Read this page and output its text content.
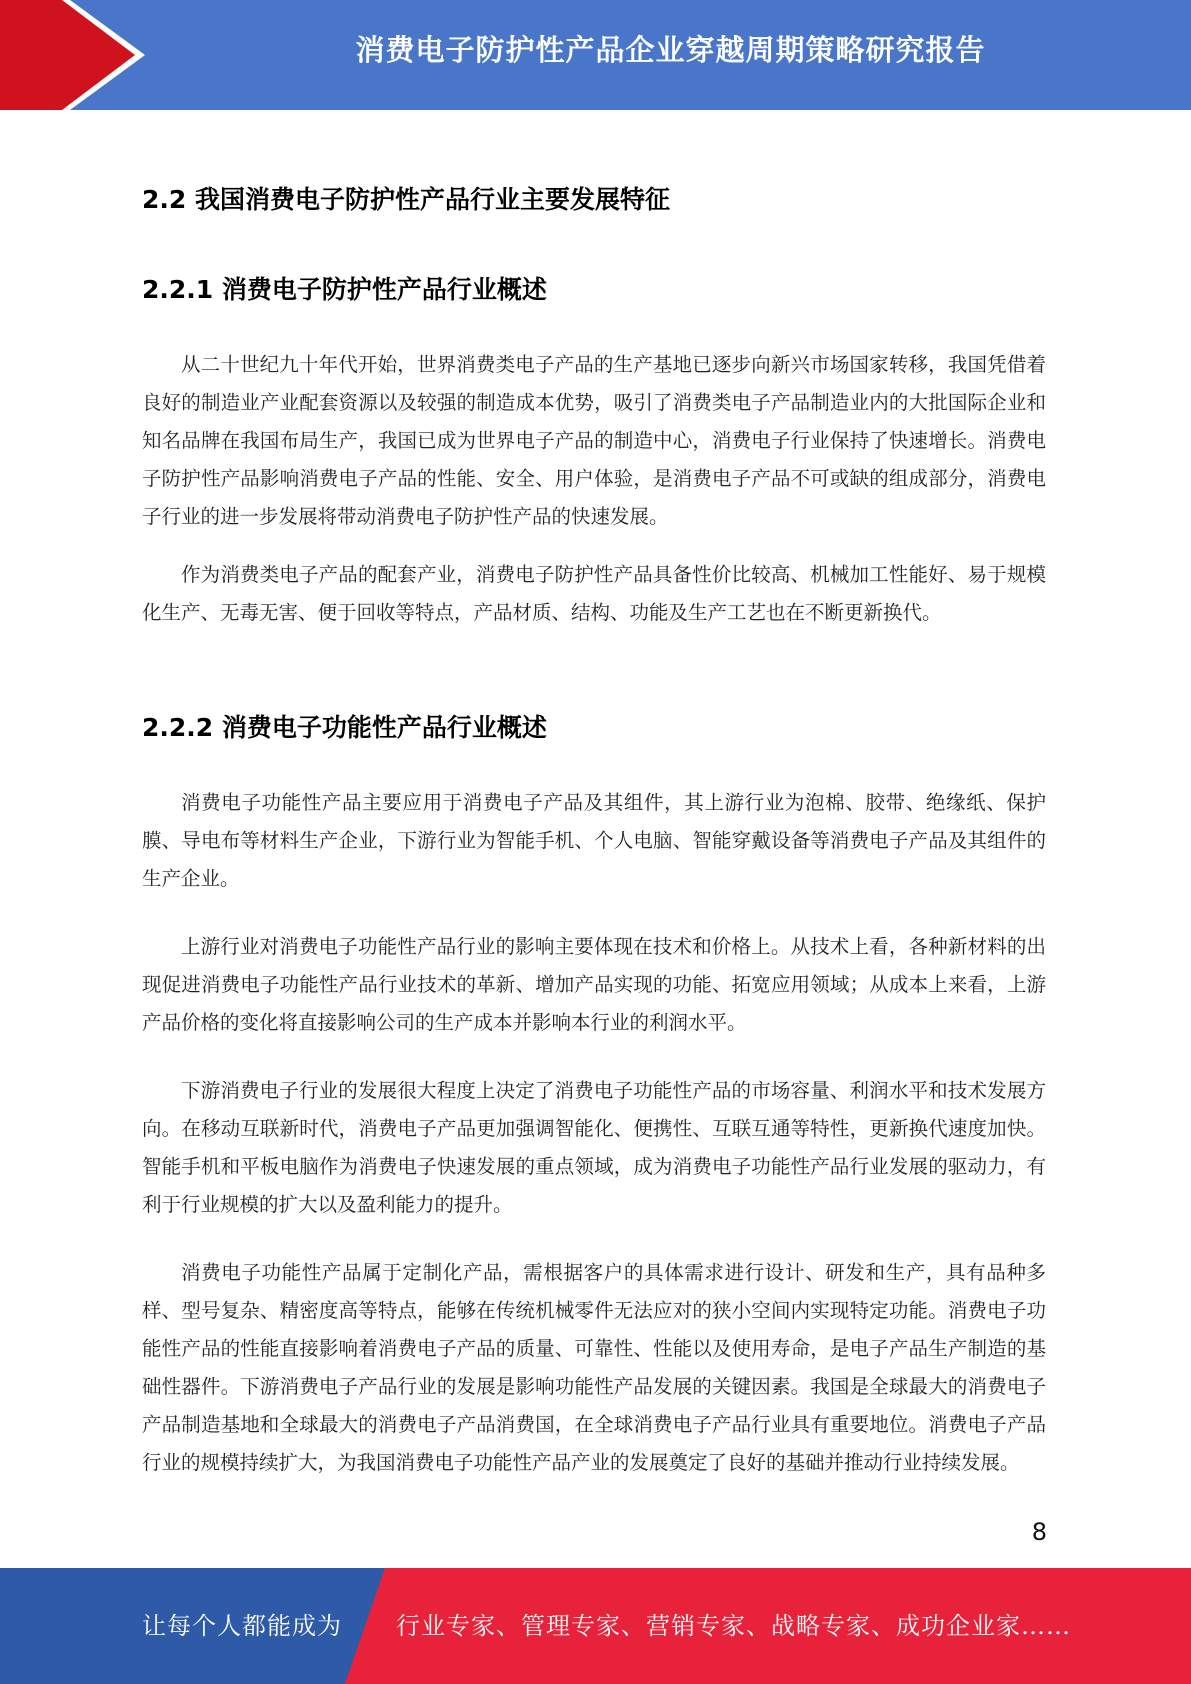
消费电子防护性产品企业穿越周期策略研究报告
2.2 我国消费电子防护性产品行业主要发展特征
2.2.1 消费电子防护性产品行业概述

从二十世纪九十年代开始，世界消费类电子产品的生产基地已逐步向新兴市场国家转移，我国凭借着良好的制造业产业配套资源以及较强的制造成本优势，吸引了消费类电子产品制造业内的大批国际企业和知名品牌在我国布局生产，我国已成为世界电子产品的制造中心，消费电子行业保持了快速增长。消费电子防护性产品影响消费电子产品的性能、安全、用户体验，是消费电子产品不可或缺的组成部分，消费电子行业的进一步发展将带动消费电子防护性产品的快速发展。

作为消费类电子产品的配套产业，消费电子防护性产品具备性价比较高、机械加工性能好、易于规模化生产、无毒无害、便于回收等特点，产品材质、结构、功能及生产工艺也在不断更新换代。

2.2.2 消费电子功能性产品行业概述

消费电子功能性产品主要应用于消费电子产品及其组件，其上游行业为泡棉、胶带、绝缘纸、保护膜、导电布等材料生产企业，下游行业为智能手机、个人电脑、智能穿戴设备等消费电子产品及其组件的生产企业。

上游行业对消费电子功能性产品行业的影响主要体现在技术和价格上。从技术上看，各种新材料的出现促进消费电子功能性产品行业技术的革新、增加产品实现的功能、拓宽应用领域；从成本上来看，上游产品价格的变化将直接影响公司的生产成本并影响本行业的利润水平。

下游消费电子行业的发展很大程度上决定了消费电子功能性产品的市场容量、利润水平和技术发展方向。在移动互联新时代，消费电子产品更加强调智能化、便携性、互联互通等特性，更新换代速度加快。智能手机和平板电脑作为消费电子快速发展的重点领域，成为消费电子功能性产品行业发展的驱动力，有利于行业规模的扩大以及盈利能力的提升。

消费电子功能性产品属于定制化产品，需根据客户的具体需求进行设计、研发和生产，具有品种多样、型号复杂、精密度高等特点，能够在传统机械零件无法应对的狭小空间内实现特定功能。消费电子功能性产品的性能直接影响着消费电子产品的质量、可靠性、性能以及使用寿命，是电子产品生产制造的基础性器件。下游消费电子产品行业的发展是影响功能性产品发展的关键因素。我国是全球最大的消费电子产品制造基地和全球最大的消费电子产品消费国，在全球消费电子产品行业具有重要地位。消费电子产品行业的规模持续扩大，为我国消费电子功能性产品产业的发展奠定了良好的基础并推动行业持续发展。

8
让每个人都能成为 行业专家、管理专家、营销专家、战略专家、成功企业家……
